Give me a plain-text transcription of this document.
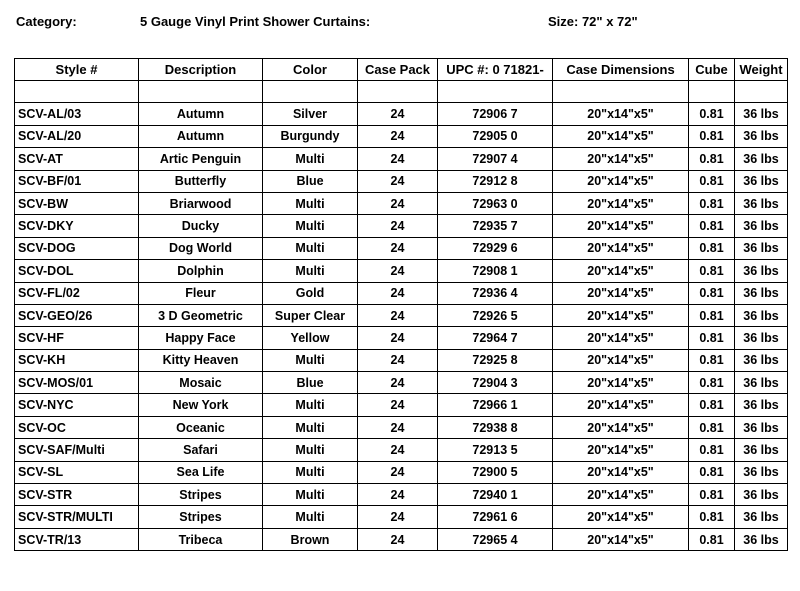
Category:	5 Gauge Vinyl Print Shower Curtains:	Size: 72" x 72"
Style #	Description	Color	Case Pack	UPC #: 0 71821-	Case Dimensions	Cube	Weight

SCV-AL/03	Autumn	Silver	24	72906 7	20"x14"x5"	0.81	36 lbs
SCV-AL/20	Autumn	Burgundy	24	72905 0	20"x14"x5"	0.81	36 lbs
SCV-AT	Artic Penguin	Multi	24	72907 4	20"x14"x5"	0.81	36 lbs
SCV-BF/01	Butterfly	Blue	24	72912 8	20"x14"x5"	0.81	36 lbs
SCV-BW	Briarwood	Multi	24	72963 0	20"x14"x5"	0.81	36 lbs
SCV-DKY	Ducky	Multi	24	72935 7	20"x14"x5"	0.81	36 lbs
SCV-DOG	Dog World	Multi	24	72929 6	20"x14"x5"	0.81	36 lbs
SCV-DOL	Dolphin	Multi	24	72908 1	20"x14"x5"	0.81	36 lbs
SCV-FL/02	Fleur	Gold	24	72936 4	20"x14"x5"	0.81	36 lbs
SCV-GEO/26	3 D Geometric	Super Clear	24	72926 5	20"x14"x5"	0.81	36 lbs
SCV-HF	Happy Face	Yellow	24	72964 7	20"x14"x5"	0.81	36 lbs
SCV-KH	Kitty Heaven	Multi	24	72925 8	20"x14"x5"	0.81	36 lbs
SCV-MOS/01	Mosaic	Blue	24	72904 3	20"x14"x5"	0.81	36 lbs
SCV-NYC	New York	Multi	24	72966 1	20"x14"x5"	0.81	36 lbs
SCV-OC	Oceanic	Multi	24	72938 8	20"x14"x5"	0.81	36 lbs
SCV-SAF/Multi	Safari	Multi	24	72913 5	20"x14"x5"	0.81	36 lbs
SCV-SL	Sea Life	Multi	24	72900 5	20"x14"x5"	0.81	36 lbs
SCV-STR	Stripes	Multi	24	72940 1	20"x14"x5"	0.81	36 lbs
SCV-STR/MULTI	Stripes	Multi	24	72961 6	20"x14"x5"	0.81	36 lbs
SCV-TR/13	Tribeca	Brown	24	72965 4	20"x14"x5"	0.81	36 lbs
